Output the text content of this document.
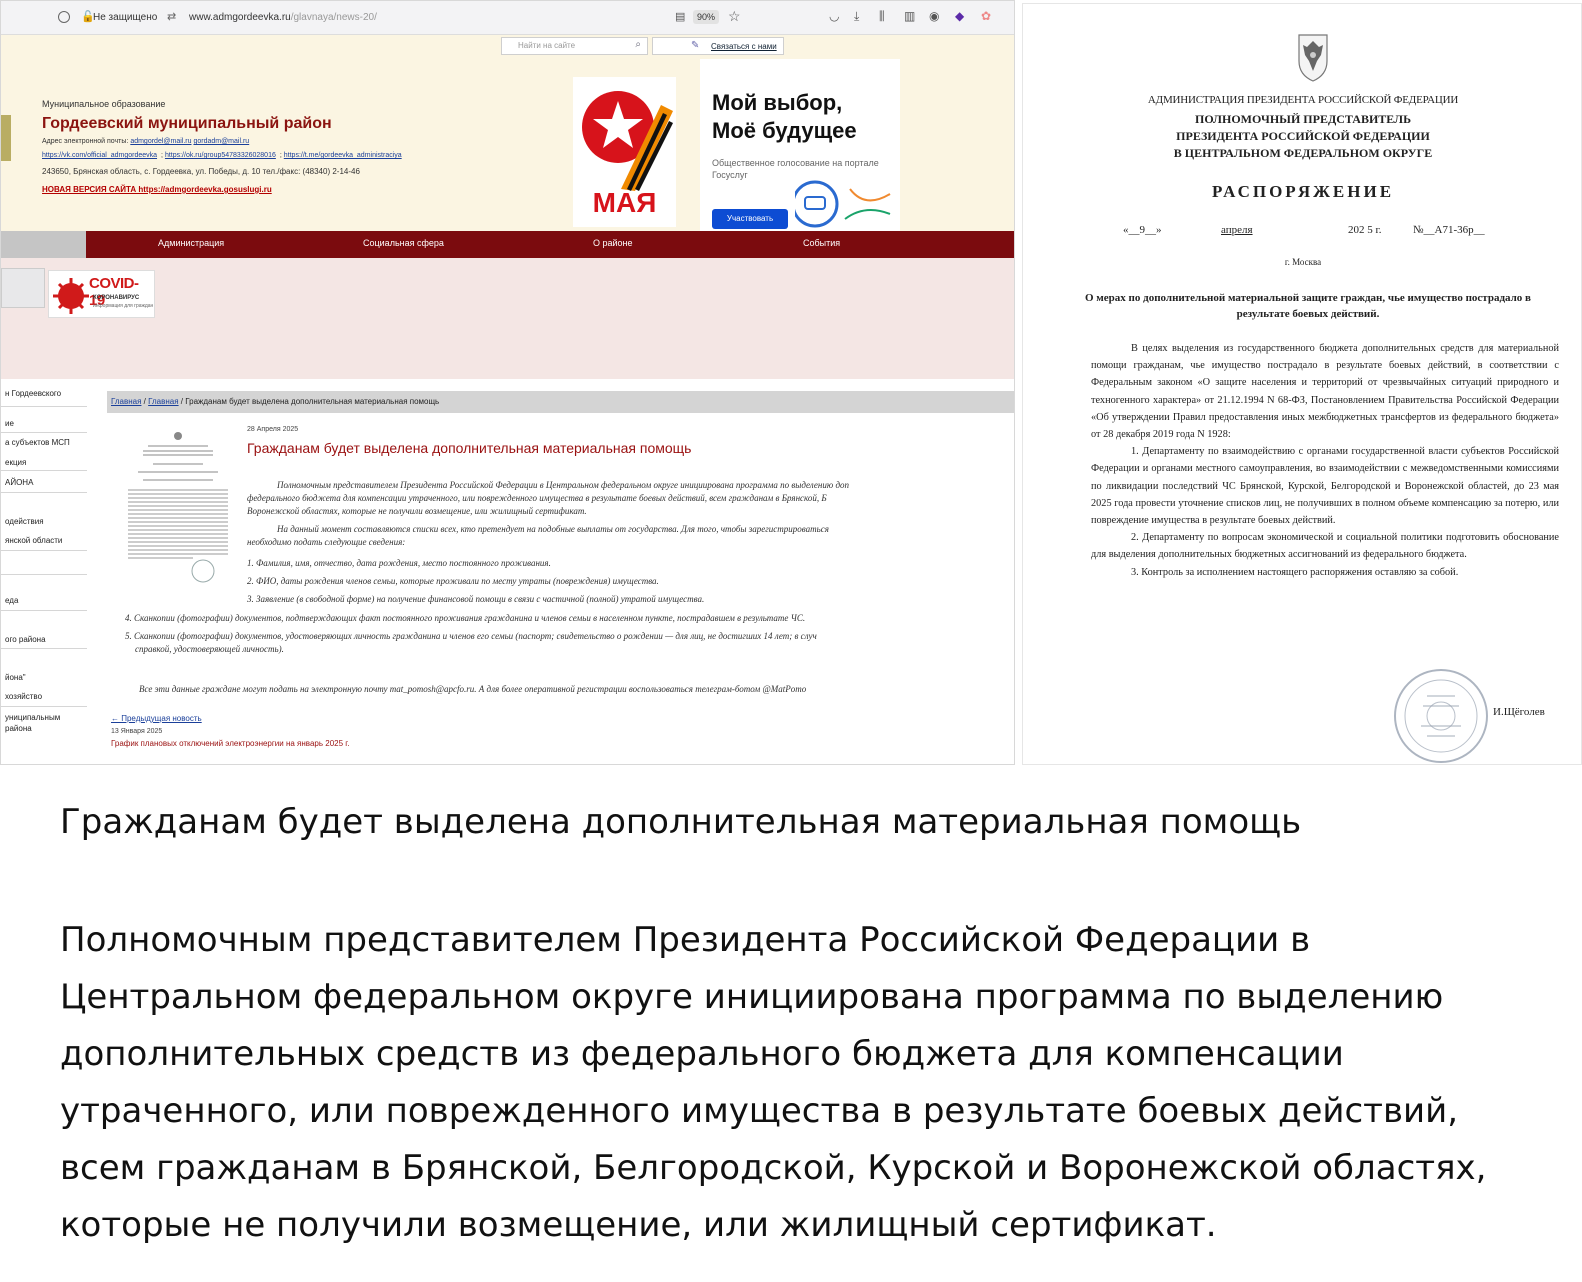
🔓
Не защищено ⇄ www.admgordeevka.ru/glavnaya/news-20/	▤	90% ☆	◡ ⤓ ⫼ ▥ ◉ ◆ ✿
Найти на сайте	⌕	✎ Связаться с нами
Муниципальное образование
Гордеевский муниципальный район
Адрес электронной почты: admgordel@mail.ru gordadm@mail.ru
https://vk.com/official_admgordeevka ; https://ok.ru/group54783326028016 ; https://t.me/gordeevka_administraciya
243650, Брянская область, с. Гордеевка, ул. Победы, д. 10 тел./факс: (48340) 2-14-46
НОВАЯ ВЕРСИЯ САЙТА https://admgordeevka.gosuslugi.ru	МАЯ
Мой выбор,
Моё будущее
Общественное голосование на портале Госуслуг
Участвовать
Администрация	Социальная сфера	О районе	События
COVID-19
КОРОНАВИРУС
информация для граждан
н Гордеевского
ие
а субъектов МСП
екция
АЙОНА
одействия
янской области
еда
ого района
йона"
хозяйство
униципальным
района
Главная / Главная / Гражданам будет выделена дополнительная материальная помощь
28 Апреля 2025
Гражданам будет выделена дополнительная материальная помощь
Полномочным представителем Президента Российской Федерации в Центральном федеральном округе инициирована программа по выделению доп
федерального бюджета для компенсации утраченного, или поврежденного имущества в результате боевых действий, всем гражданам в Брянской, Б
Воронежской областях, которые не получили возмещение, или жилищный сертификат.
На данный момент составляются списки всех, кто претендует на подобные выплаты от государства. Для того, чтобы зарегистрироваться
необходимо подать следующие сведения:
1. Фамилия, имя, отчество, дата рождения, место постоянного проживания.
2. ФИО, даты рождения членов семьи, которые проживали по месту утраты (повреждения) имущества.
3. Заявление (в свободной форме) на получение финансовой помощи в связи с частичной (полной) утратой имущества.
4. Сканкопии (фотографии) документов, подтверждающих факт постоянного проживания гражданина и членов семьи в населенном пункте, пострадавшем в результате ЧС.
5. Сканкопии (фотографии) документов, удостоверяющих личность гражданина и членов его семьи (паспорт; свидетельство о рождении — для лиц, не достигших 14 лет; в случ
справкой, удостоверяющей личность).
Все эти данные гражданe могут подать на электронную почту mat_pomosh@apcfo.ru. А для более оперативной регистрации воспользоваться телеграм-ботом @MatPomo
← Предыдущая новость
13 Января 2025
График плановых отключений электроэнергии на январь 2025 г.
АДМИНИСТРАЦИЯ ПРЕЗИДЕНТА РОССИЙСКОЙ ФЕДЕРАЦИИ
ПОЛНОМОЧНЫЙ ПРЕДСТАВИТЕЛЬ
ПРЕЗИДЕНТА РОССИЙСКОЙ ФЕДЕРАЦИИ
В ЦЕНТРАЛЬНОМ ФЕДЕРАЛЬНОМ ОКРУГЕ
РАСПОРЯЖЕНИЕ
«__9__»	апреля	202 5 г.	№__А71-36р__
г. Москва
О мерах по дополнительной материальной защите граждан, чье имущество пострадало в результате боевых действий.

В целях выделения из государственного бюджета дополнительных средств для материальной помощи гражданам, чье имущество пострадало в результате боевых действий, в соответствии с Федеральным законом «О защите населения и территорий от чрезвычайных ситуаций природного и техногенного характера» от 21.12.1994 N 68-ФЗ, Постановлением Правительства Российской Федерации «Об утверждении Правил предоставления иных межбюджетных трансфертов из федерального бюджета» от 28 декабря 2019 года N 1928:

1. Департаменту по взаимодействию с органами государственной власти субъектов Российской Федерации и органами местного самоуправления, во взаимодействии с межведомственными комиссиями по ликвидации последствий ЧС Брянской, Курской, Белгородской и Воронежской областей, до 23 мая 2025 года провести уточнение списков лиц, не получивших в полном объеме компенсацию за потерю, или повреждение имущества в результате боевых действий.

2. Департаменту по вопросам экономической и социальной политики подготовить обоснование для выделения дополнительных бюджетных ассигнований из федерального бюджета.

3. Контроль за исполнением настоящего распоряжения оставляю за собой.

И.Щёголев
Гражданам будет выделена дополнительная материальная помощь
Полномочным представителем Президента Российской Федерации в Центральном федеральном округе инициирована программа по выделению дополнительных средств из федерального бюджета для компенсации утраченного, или поврежденного имущества в результате боевых действий, всем гражданам в Брянской, Белгородской, Курской и Воронежской областях, которые не получили возмещение, или жилищный сертификат.
